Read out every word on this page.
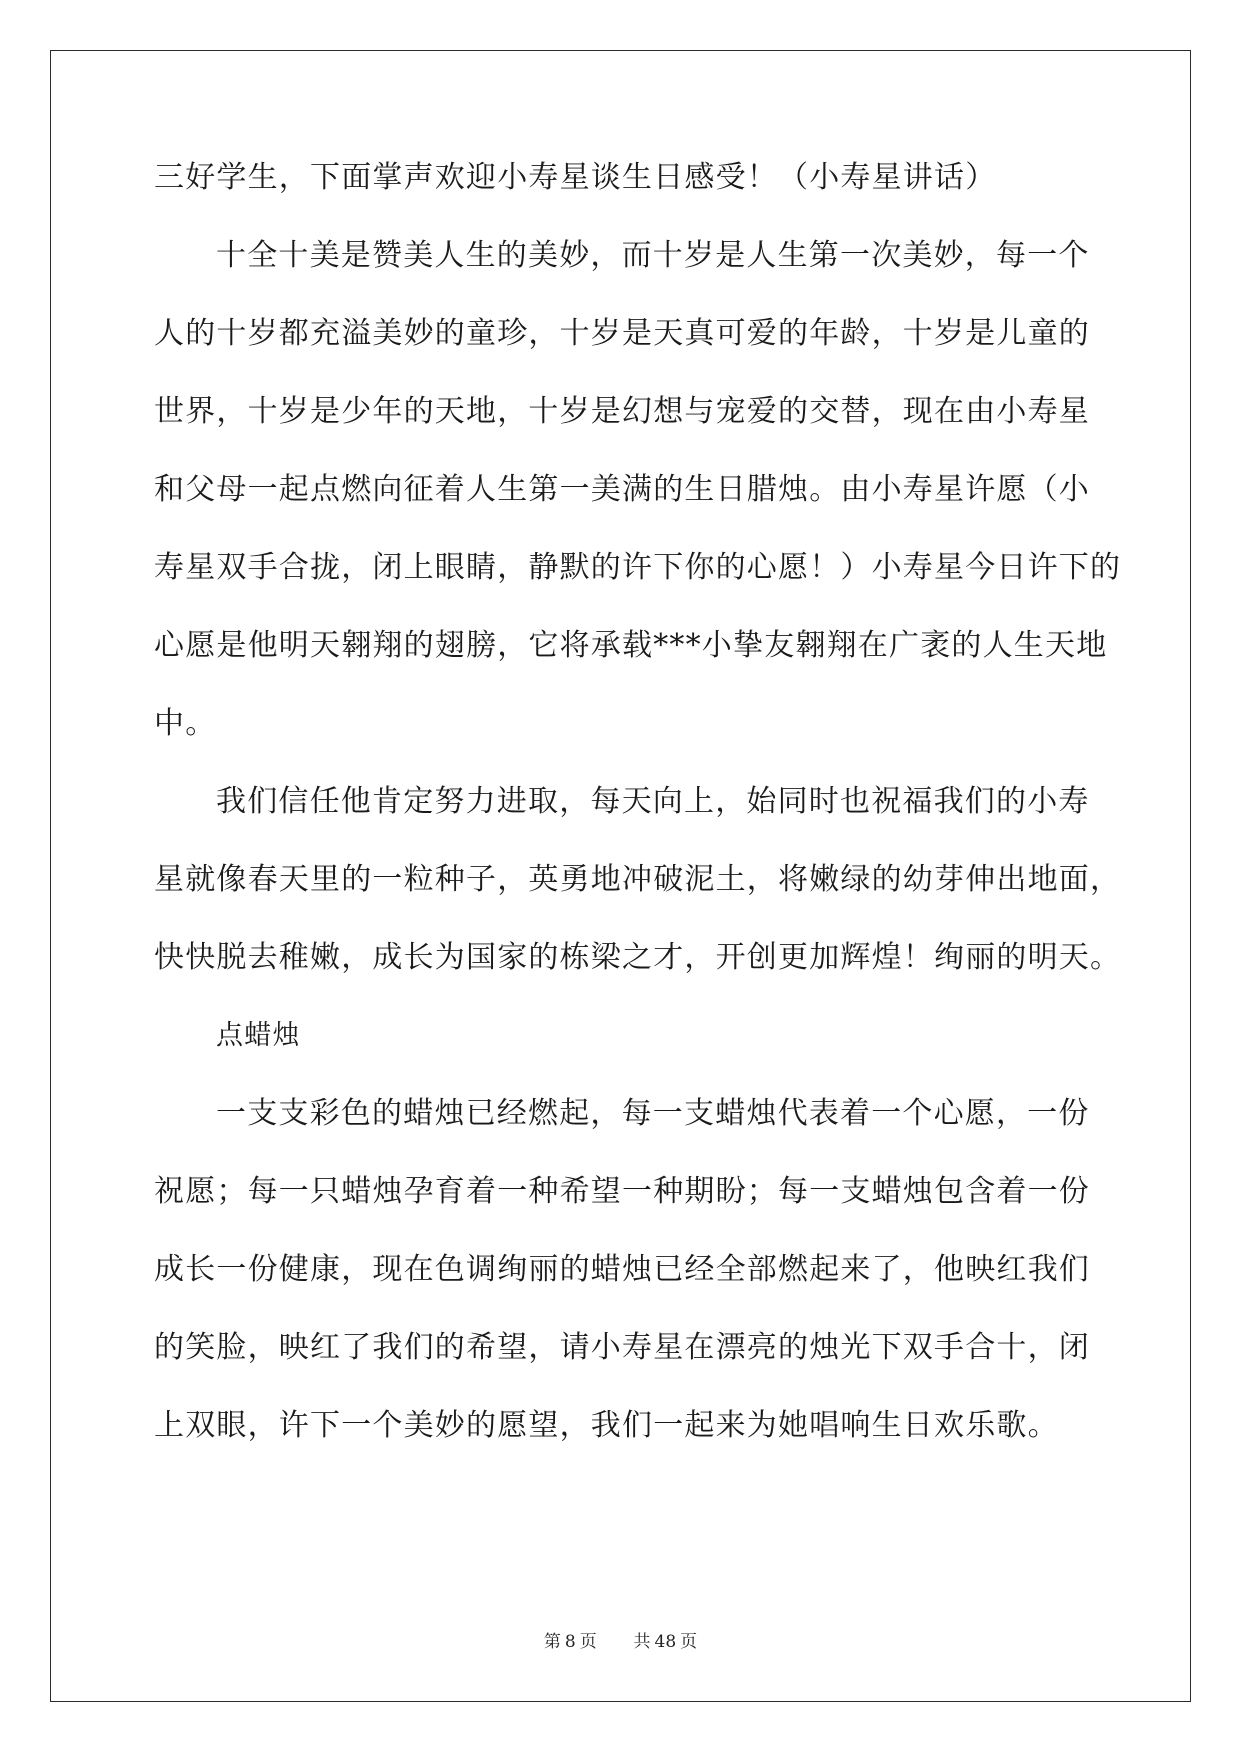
三好学生，下面掌声欢迎小寿星谈生日感受！（小寿星讲话）
十全十美是赞美人生的美妙，而十岁是人生第一次美妙，每一个
人的十岁都充溢美妙的童珍，十岁是天真可爱的年龄，十岁是儿童的
世界，十岁是少年的天地，十岁是幻想与宠爱的交替，现在由小寿星
和父母一起点燃向征着人生第一美满的生日腊烛。由小寿星许愿（小
寿星双手合拢，闭上眼睛，静默的许下你的心愿！）小寿星今日许下的
心愿是他明天翱翔的翅膀，它将承载***小挚友翱翔在广袤的人生天地
中。
我们信任他肯定努力进取，每天向上，始同时也祝福我们的小寿
星就像春天里的一粒种子，英勇地冲破泥土，将嫩绿的幼芽伸出地面，
快快脱去稚嫩，成长为国家的栋梁之才，开创更加辉煌！绚丽的明天。
点蜡烛
一支支彩色的蜡烛已经燃起，每一支蜡烛代表着一个心愿，一份
祝愿；每一只蜡烛孕育着一种希望一种期盼；每一支蜡烛包含着一份
成长一份健康，现在色调绚丽的蜡烛已经全部燃起来了，他映红我们
的笑脸，映红了我们的希望，请小寿星在漂亮的烛光下双手合十，闭
上双眼，许下一个美妙的愿望，我们一起来为她唱响生日欢乐歌。
第 8 页 共 48 页
